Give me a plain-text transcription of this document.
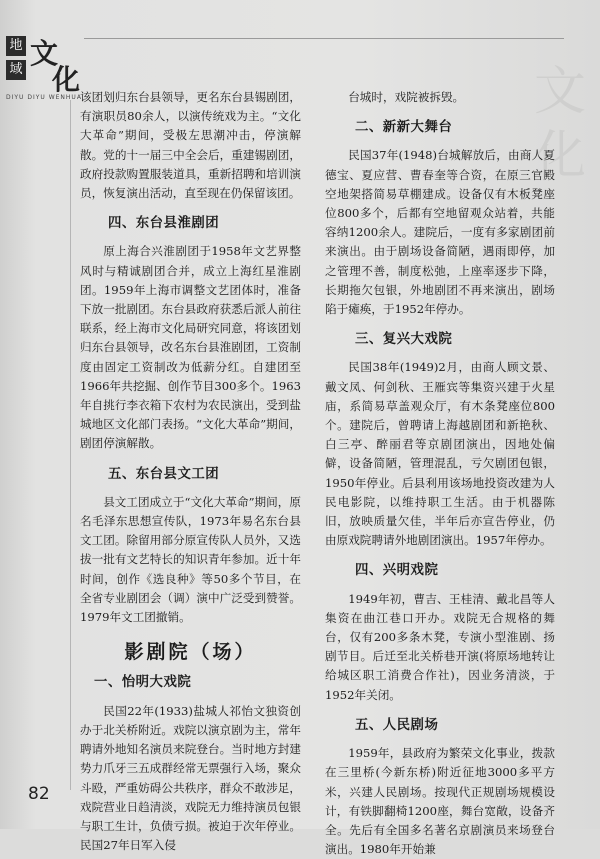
文
化
地
域 文
化
DIYU DIYU WENHUA

该团划归东台县领导，更名东台县锡剧团，有演职员80余人，以演传统戏为主。“文化大革命”期间，受极左思潮冲击，停演解散。党的十一届三中全会后，重建锡剧团，政府投款购置服装道具，重新招聘和培训演员，恢复演出活动，直至现在仍保留该团。

四、东台县淮剧团

原上海合兴淮剧团于1958年文艺界整风时与精诚剧团合并，成立上海红星淮剧团。1959年上海市调整文艺团体时，准备下放一批剧团。东台县政府获悉后派人前往联系，经上海市文化局研究同意，将该团划归东台县领导，改名东台县淮剧团，工资制度由固定工资制改为低薪分红。自建团至1966年共挖掘、创作节目300多个。1963年自挑行李衣箱下农村为农民演出，受到盐城地区文化部门表扬。“文化大革命”期间，剧团停演解散。

五、东台县文工团

县文工团成立于“文化大革命”期间，原名毛泽东思想宣传队，1973年易名东台县文工团。除留用部分原宣传队人员外，又选拔一批有文艺特长的知识青年参加。近十年时间，创作《选良种》等50多个节目，在全省专业剧团会（调）演中广泛受到赞誉。1979年文工团撤销。

影剧院（场）
一、怡明大戏院

民国22年(1933)盐城人祁怡文独资创办于北关桥附近。戏院以演京剧为主，常年聘请外地知名演员来院登台。当时地方封建势力爪牙三五成群经常无票强行入场，聚众斗殴，严重妨碍公共秩序，群众不敢涉足，戏院营业日趋清淡，戏院无力维持演员包银与职工生计，负债亏损。被迫于次年停业。民国27年日军入侵

台城时，戏院被拆毁。

二、新新大舞台

民国37年(1948)台城解放后，由商人夏德宝、夏应营、曹春奎等合资，在原三官殿空地架搭简易草棚建成。设备仅有木板凳座位800多个，后都有空地留观众站着，共能容纳1200余人。建院后，一度有多家剧团前来演出。由于剧场设备简陋，遇雨即停，加之管理不善，制度松弛，上座率逐步下降，长期拖欠包银，外地剧团不再来演出，剧场陷于瘫痪，于1952年停办。

三、复兴大戏院

民国38年(1949)2月，由商人顾文景、戴文凤、何剑秋、王雁宾等集资兴建于火星庙，系简易草盖观众厅，有木条凳座位800个。建院后，曾聘请上海越剧团和新艳秋、白三亭、醉丽君等京剧团演出，因地处偏僻，设备简陋，管理混乱，亏欠剧团包银，1950年停业。后县利用该场地投资改建为人民电影院，以维持职工生活。由于机器陈旧，放映质量欠佳，半年后亦宣告停业，仍由原戏院聘请外地剧团演出。1957年停办。

四、兴明戏院

1949年初，曹吉、王桂清、戴北昌等人集资在曲江巷口开办。戏院无合规格的舞台，仅有200多条木凳，专演小型淮剧、扬剧节目。后迁至北关桥巷开演(将原场地转让给城区职工消费合作社)，因业务清淡，于1952年关闭。

五、人民剧场

1959年，县政府为繁荣文化事业，拨款在三里桥(今新东桥)附近征地3000多平方米，兴建人民剧场。按现代正规剧场规模设计，有铁脚翻椅1200座，舞台宽敞，设备齐全。先后有全国多名著名京剧演员来场登台演出。1980年开始兼

82
